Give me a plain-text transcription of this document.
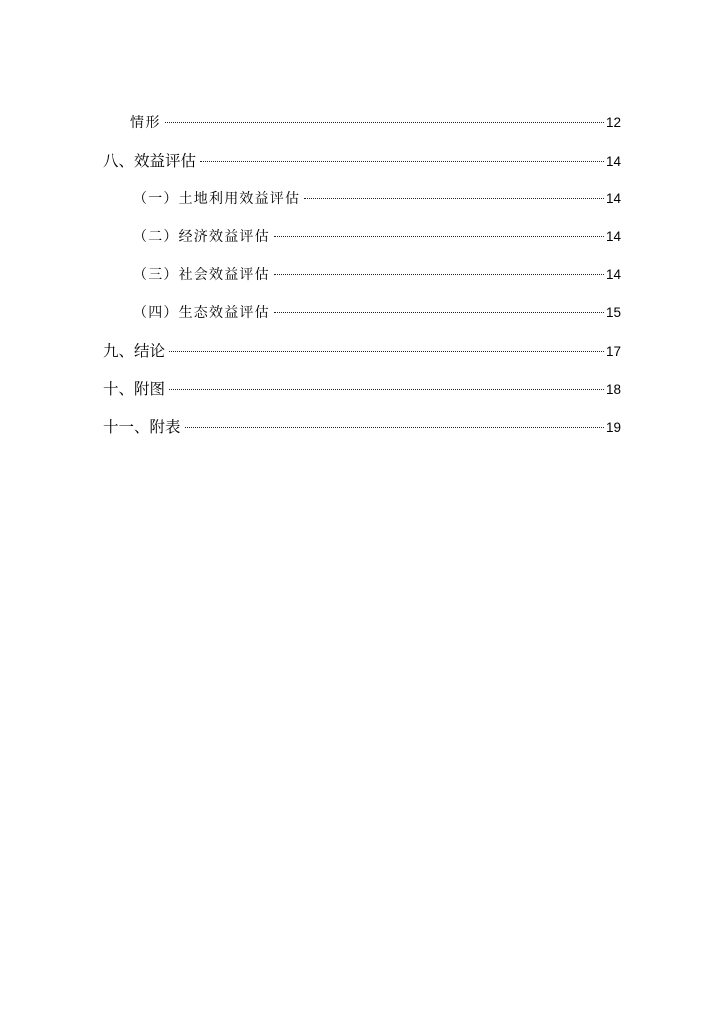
情形	12
八、效益评估	14
（一）土地利用效益评估	14
（二）经济效益评估	14
（三）社会效益评估	14
（四）生态效益评估	15
九、结论	17
十、附图	18
十一、附表	19
